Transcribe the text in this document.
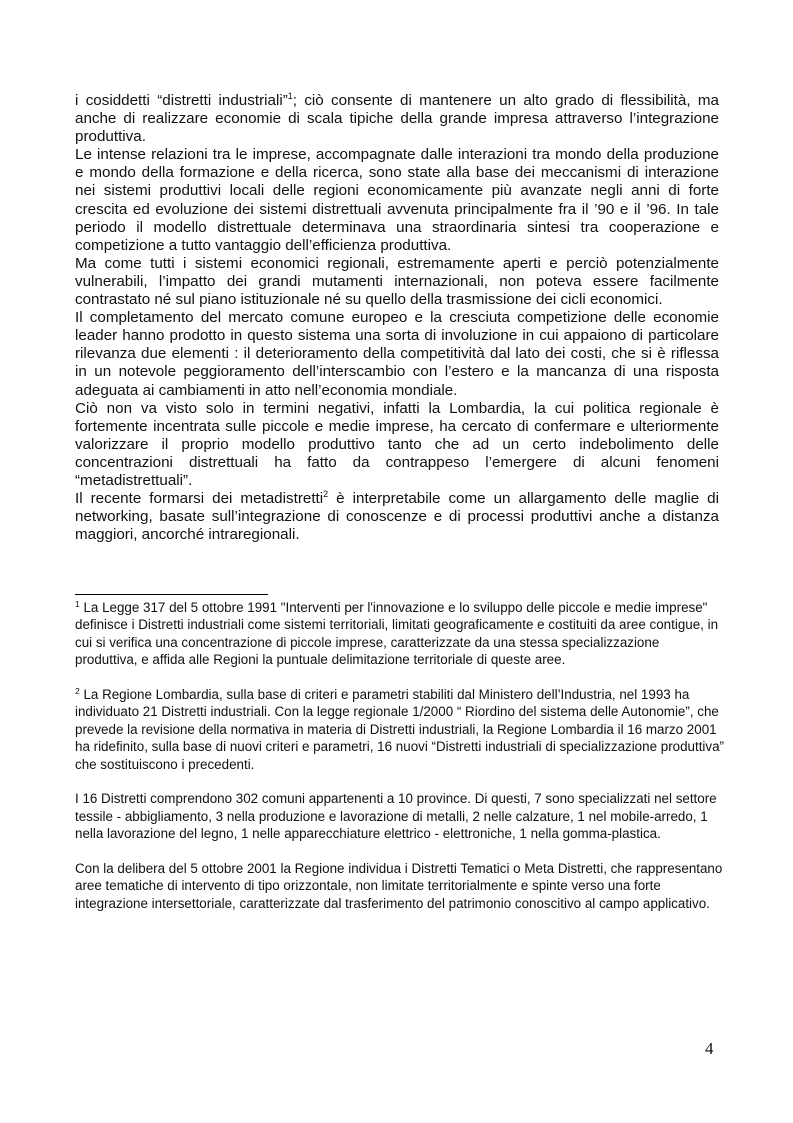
i cosiddetti “distretti industriali”$^1$; ciò consente di mantenere un alto grado di flessibilità, ma anche di realizzare economie di scala tipiche della grande impresa attraverso l’integrazione produttiva.

Le intense relazioni tra le imprese, accompagnate dalle interazioni tra mondo della produzione e mondo della formazione e della ricerca, sono state alla base dei meccanismi di interazione nei sistemi produttivi locali delle regioni economicamente più avanzate negli anni di forte crescita ed evoluzione dei sistemi distrettuali avvenuta principalmente fra il ’90 e il ’96. In tale periodo il modello distrettuale determinava una straordinaria sintesi tra cooperazione e competizione a tutto vantaggio dell’efficienza produttiva.

Ma come tutti i sistemi economici regionali, estremamente aperti e perciò potenzialmente vulnerabili, l’impatto dei grandi mutamenti internazionali, non poteva essere facilmente contrastato né sul piano istituzionale né su quello della trasmissione dei cicli economici.

Il completamento del mercato comune europeo e la cresciuta competizione delle economie leader hanno prodotto in questo sistema una sorta di involuzione in cui appaiono di particolare rilevanza due elementi : il deterioramento della competitività dal lato dei costi, che si è riflessa in un notevole peggioramento dell’interscambio con l’estero e la mancanza di una risposta adeguata ai cambiamenti in atto nell’economia mondiale.

Ciò non va visto solo in termini negativi, infatti la Lombardia, la cui politica regionale è fortemente incentrata sulle piccole e medie imprese, ha cercato di confermare e ulteriormente valorizzare il proprio modello produttivo tanto che ad un certo indebolimento delle concentrazioni distrettuali ha fatto da contrappeso l’emergere di alcuni fenomeni “metadistrettuali”.

Il recente formarsi dei metadistretti$^2$ è interpretabile come un allargamento delle maglie di networking, basate sull’integrazione di conoscenze e di processi produttivi anche a distanza maggiori, ancorché intraregionali.

$^1$ La Legge 317 del 5 ottobre 1991 "Interventi per l'innovazione e lo sviluppo delle piccole e medie imprese" definisce i Distretti industriali come sistemi territoriali, limitati geograficamente e costituiti da aree contigue, in cui si verifica una concentrazione di piccole imprese, caratterizzate da una stessa specializzazione produttiva, e affida alle Regioni la puntuale delimitazione territoriale di queste aree.

$^2$ La Regione Lombardia, sulla base di criteri e parametri stabiliti dal Ministero dell’Industria, nel 1993 ha individuato 21 Distretti industriali. Con la legge regionale 1/2000 “ Riordino del sistema delle Autonomie”, che prevede la revisione della normativa in materia di Distretti industriali, la Regione Lombardia il 16 marzo 2001 ha ridefinito, sulla base di nuovi criteri e parametri, 16 nuovi “Distretti industriali di specializzazione produttiva” che sostituiscono i precedenti.

I 16 Distretti comprendono 302 comuni appartenenti a 10 province. Di questi, 7 sono specializzati nel settore tessile - abbigliamento, 3 nella produzione e lavorazione di metalli, 2 nelle calzature, 1 nel mobile-arredo, 1 nella lavorazione del legno, 1 nelle apparecchiature elettrico - elettroniche, 1 nella gomma-plastica.

Con la delibera del 5 ottobre 2001 la Regione individua i Distretti Tematici o Meta Distretti, che rappresentano aree tematiche di intervento di tipo orizzontale, non limitate territorialmente e spinte verso una forte integrazione intersettoriale, caratterizzate dal trasferimento del patrimonio conoscitivo al campo applicativo.

4
